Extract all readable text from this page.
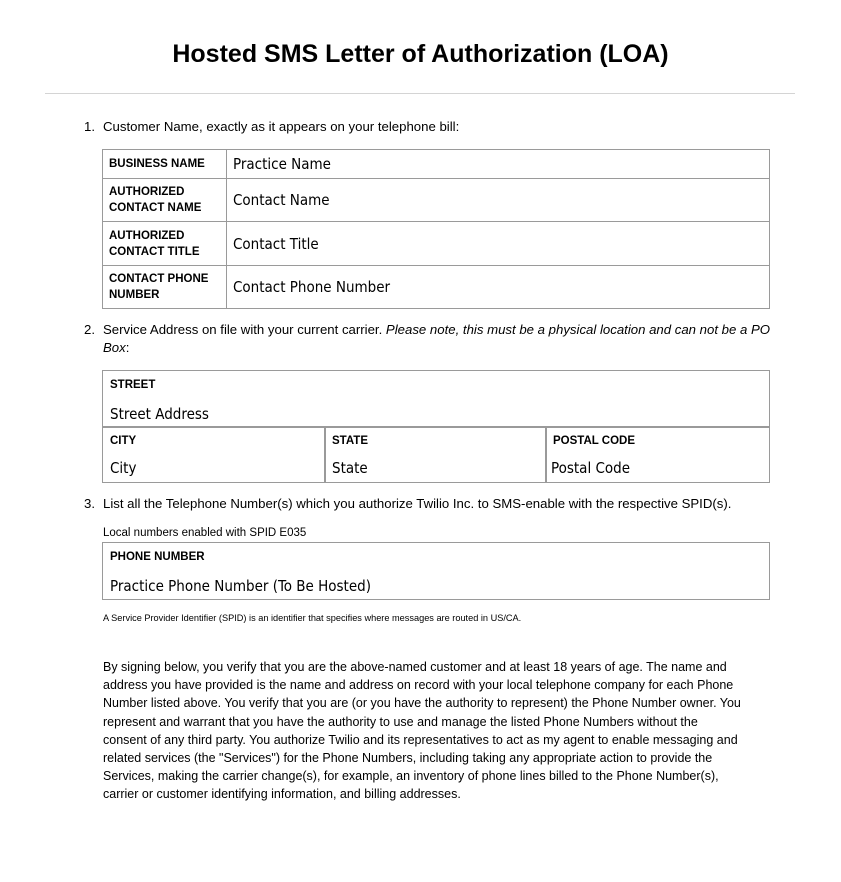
Hosted SMS Letter of Authorization (LOA)
1. Customer Name, exactly as it appears on your telephone bill:
BUSINESS NAME	Practice Name
AUTHORIZED CONTACT NAME	Contact Name
AUTHORIZED CONTACT TITLE	Contact Title
CONTACT PHONE NUMBER	Contact Phone Number
2. Service Address on file with your current carrier. Please note, this must be a physical location and can not be a PO Box:
STREET
Street Address
CITY
City
STATE
State
POSTAL CODE
Postal Code
3. List all the Telephone Number(s) which you authorize Twilio Inc. to SMS-enable with the respective SPID(s).
Local numbers enabled with SPID E035
PHONE NUMBER
Practice Phone Number (To Be Hosted)
A Service Provider Identifier (SPID) is an identifier that specifies where messages are routed in US/CA.
By signing below, you verify that you are the above-named customer and at least 18 years of age. The name and address you have provided is the name and address on record with your local telephone company for each Phone Number listed above. You verify that you are (or you have the authority to represent) the Phone Number owner. You represent and warrant that you have the authority to use and manage the listed Phone Numbers without the consent of any third party. You authorize Twilio and its representatives to act as my agent to enable messaging and related services (the "Services") for the Phone Numbers, including taking any appropriate action to provide the Services, making the carrier change(s), for example, an inventory of phone lines billed to the Phone Number(s), carrier or customer identifying information, and billing addresses.
